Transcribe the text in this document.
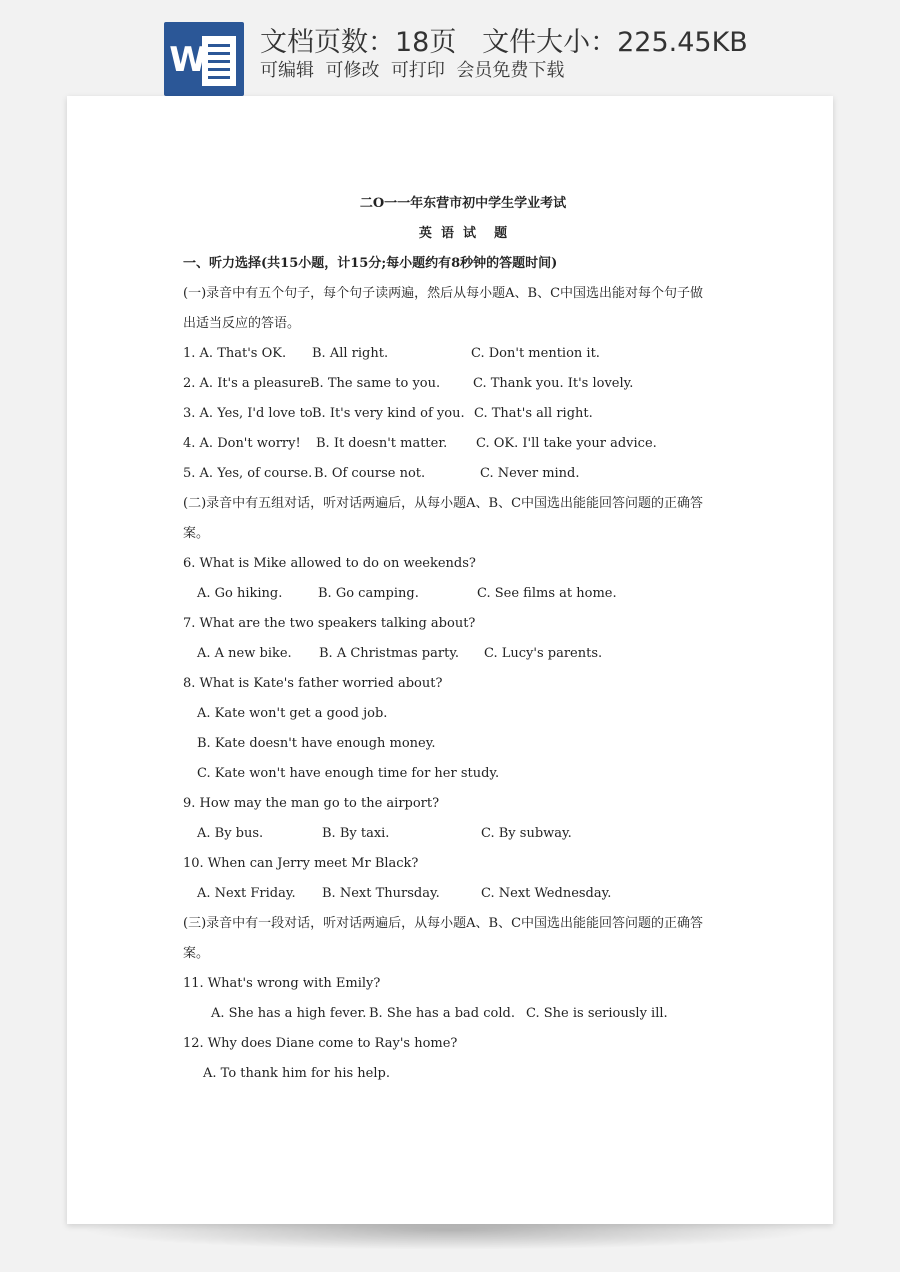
W 文档页数：18页 文件大小：225.45KB
可编辑  可修改  可打印  会员免费下载
二O一一年东营市初中学生学业考试
英  语  试    题
一、听力选择(共15小题，计15分;每小题约有8秒钟的答题时间)
(一)录音中有五个句子，每个句子读两遍，然后从每小题A、B、C中国选出能对每个句子做
出适当反应的答语。

1. A. That's OK.

B. All right.

	C. Don't mention it.

2. A. It's a pleasure.

B. The same to you.

	C. Thank you. It's lovely.

3. A. Yes, I'd love to.

B. It's very kind of you.

C. That's all right.

4. A. Don't worry!

B. It doesn't matter.

C. OK. I'll take your advice.

5. A. Yes, of course.

B. Of course not.

	C. Never mind.

(二)录音中有五组对话，听对话两遍后，从每小题A、B、C中国选出能能回答问题的正确答
案。
6. What is Mike allowed to do on weekends?

A. Go hiking.

	B. Go camping.

	C. See films at home.

7. What are the two speakers talking about?

A. A new bike.

B. A Christmas party.

C. Lucy's parents.

8. What is Kate's father worried about?
A. Kate won't get a good job.
B. Kate doesn't have enough money.
C. Kate won't have enough time for her study.
9. How may the man go to the airport?

A. By bus.

	B. By taxi.

	C. By subway.

10. When can Jerry meet Mr Black?

A. Next Friday.

B. Next Thursday.

	C. Next Wednesday.

(三)录音中有一段对话，听对话两遍后，从每小题A、B、C中国选出能能回答问题的正确答
案。
11. What's wrong with Emily?

A. She has a high fever.

B. She has a bad cold.

C. She is seriously ill.

12. Why does Diane come to Ray's home?

A. To thank him for his help.
